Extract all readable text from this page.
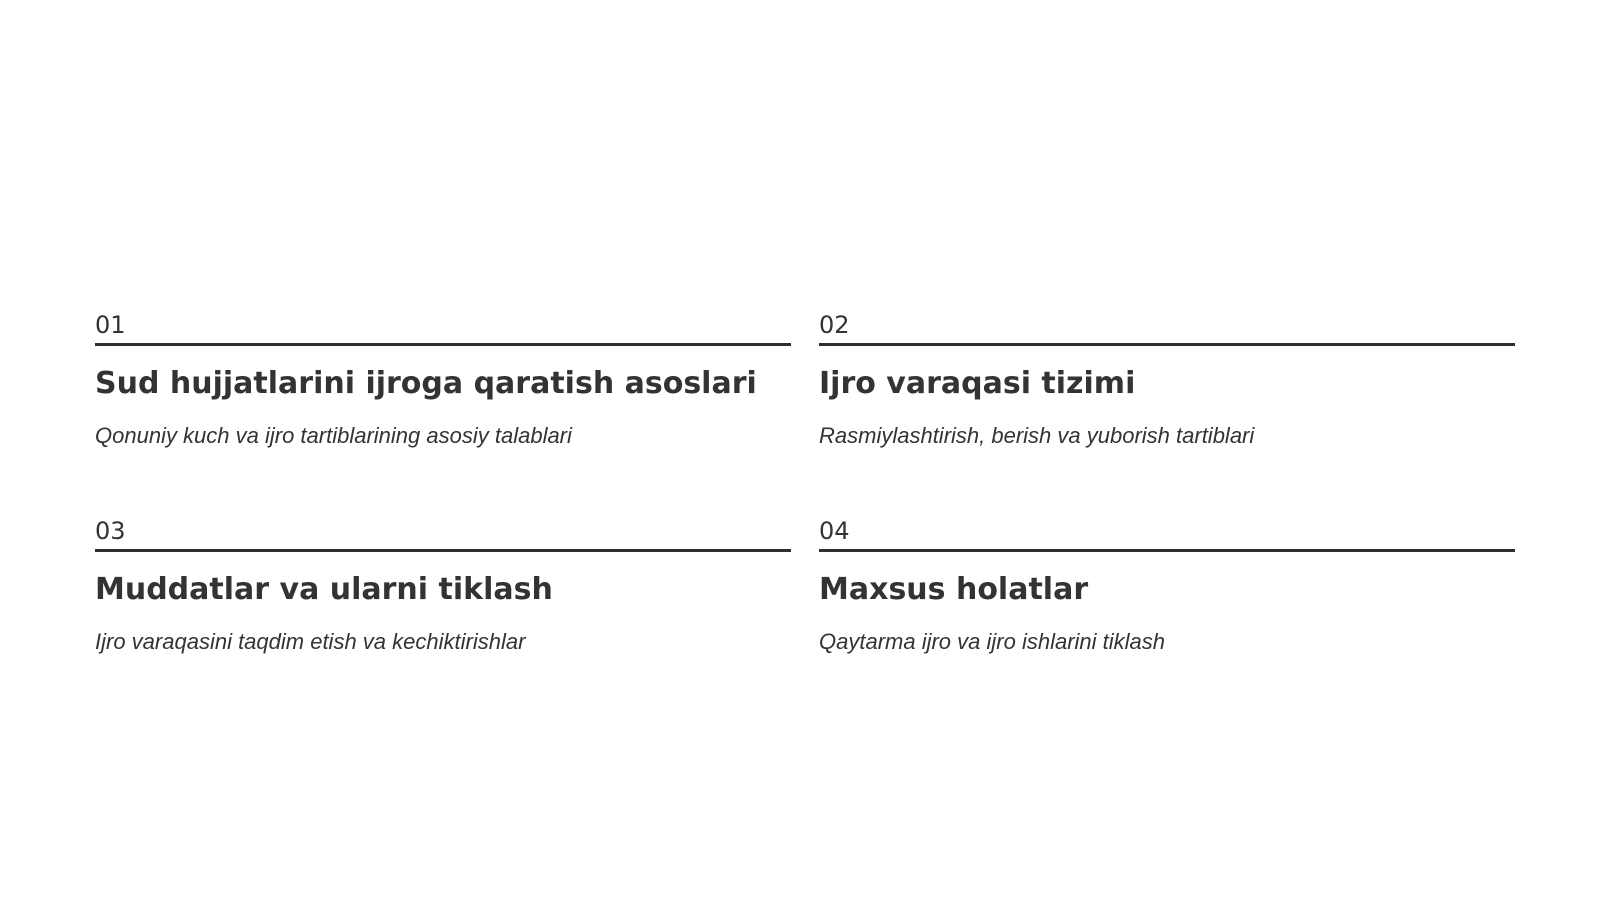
01
Sud hujjatlarini ijroga qaratish asoslari
Qonuniy kuch va ijro tartiblarining asosiy talablari
02
Ijro varaqasi tizimi
Rasmiylashtirish, berish va yuborish tartiblari
03
Muddatlar va ularni tiklash
Ijro varaqasini taqdim etish va kechiktirishlar
04
Maxsus holatlar
Qaytarma ijro va ijro ishlarini tiklash
